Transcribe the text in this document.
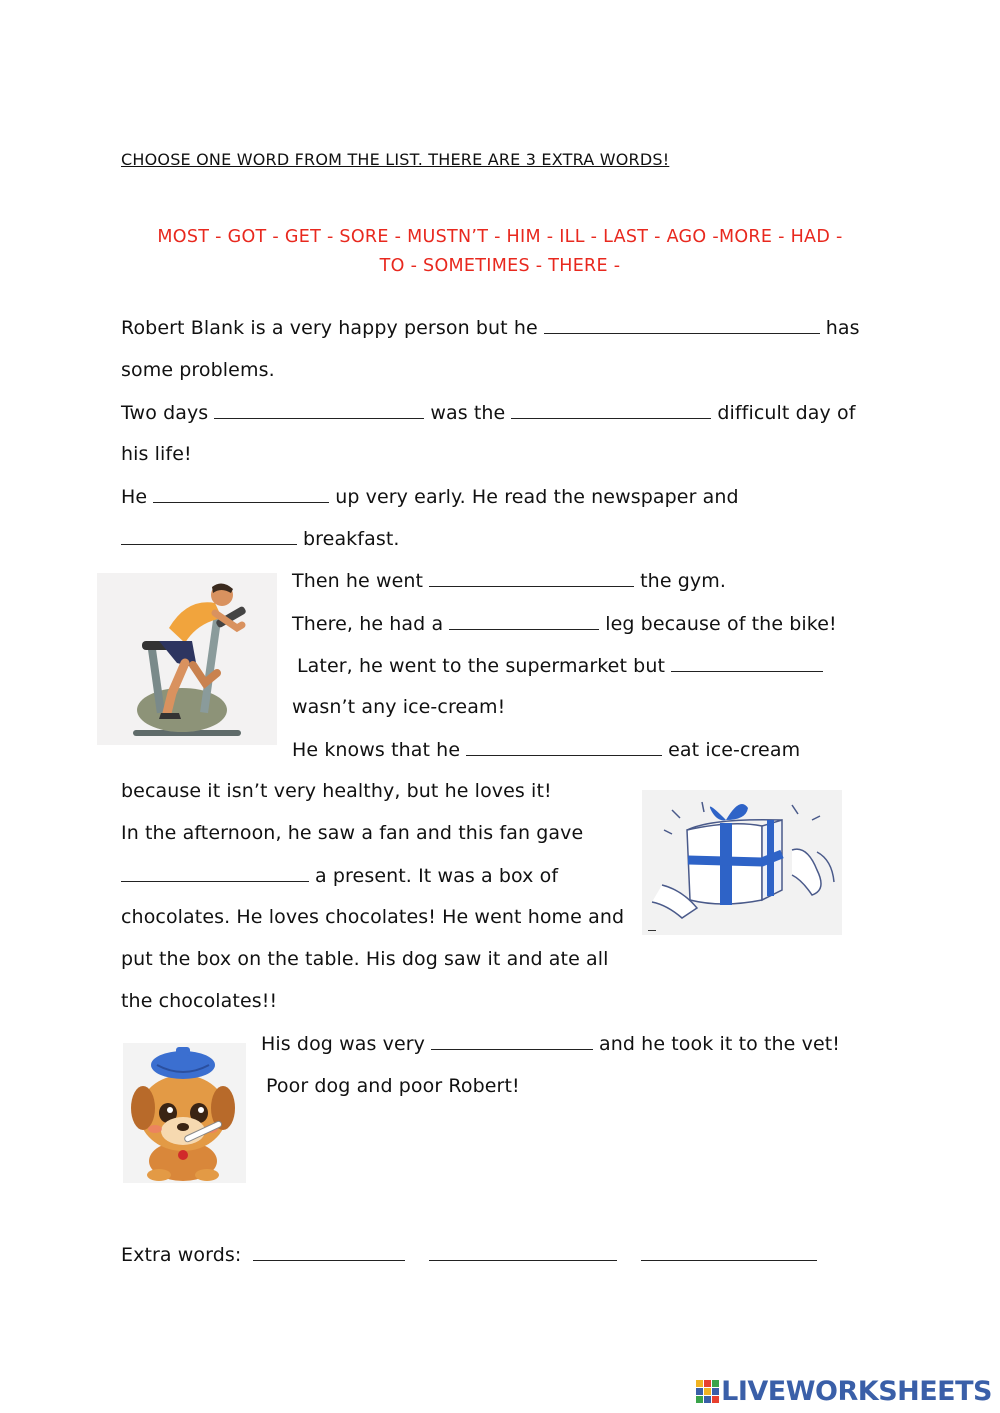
CHOOSE ONE WORD FROM THE LIST. THERE ARE 3 EXTRA WORDS!
MOST - GOT - GET - SORE - MUSTN’T - HIM - ILL - LAST - AGO -MORE - HAD -
TO - SOMETIMES - THERE -
Robert Blank is a very happy person but he	has
some problems.
Two days	was the	difficult day of
his life!
He	up very early. He read the newspaper and
breakfast.
Then he went	the gym.
There, he had a	leg because of the bike!
Later, he went to the supermarket but
wasn’t any ice-cream!
He knows that he	eat ice-cream
because it isn’t very healthy, but he loves it!
In the afternoon, he saw a fan and this fan gave
a present. It was a box of
chocolates. He loves chocolates! He went home and
put the box on the table. His dog saw it and ate all
the chocolates!!
His dog was very	and he took it to the vet!
Poor dog and poor Robert!
Extra words:
LIVEWORKSHEETS
